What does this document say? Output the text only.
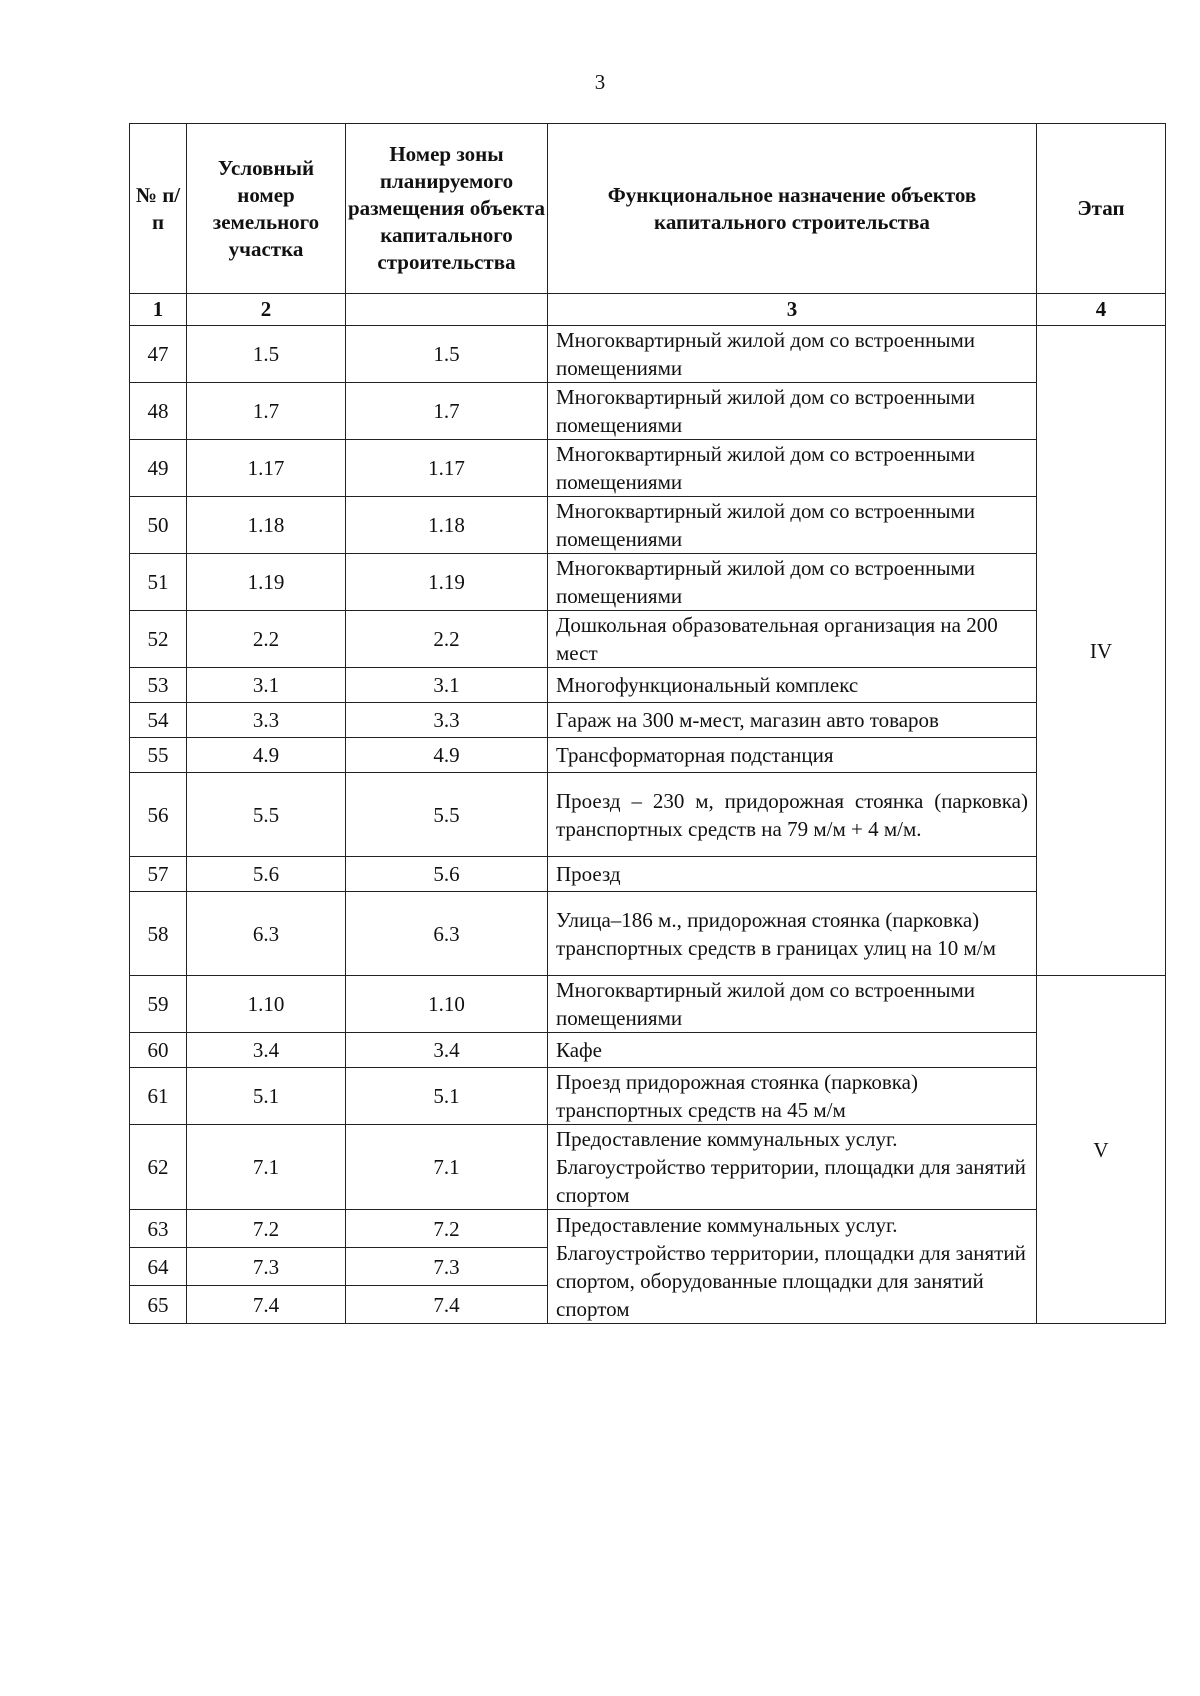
3
№ п/п	Условный номер земельного участка	Номер зоны планируемого размещения объекта капитального строительства	Функциональное назначение объектов капитального строительства	Этап
1	2		3	4
47	1.5	1.5	Многоквартирный жилой дом со встроенными помещениями	IV
48	1.7	1.7	Многоквартирный жилой дом со встроенными помещениями	
49	1.17	1.17	Многоквартирный жилой дом со встроенными помещениями	
50	1.18	1.18	Многоквартирный жилой дом со встроенными помещениями	
51	1.19	1.19	Многоквартирный жилой дом со встроенными помещениями	
52	2.2	2.2	Дошкольная образовательная организация на 200 мест	
53	3.1	3.1	Многофункциональный комплекс	
54	3.3	3.3	Гараж на 300 м-мест, магазин авто товаров	
55	4.9	4.9	Трансформаторная подстанция	
56	5.5	5.5	Проезд – 230 м, придорожная стоянка (парковка) транспортных средств на 79 м/м + 4 м/м.	
57	5.6	5.6	Проезд	
58	6.3	6.3	Улица–186 м., придорожная стоянка (парковка) транспортных средств в границах улиц на 10 м/м	
59	1.10	1.10	Многоквартирный жилой дом со встроенными помещениями	V
60	3.4	3.4	Кафе	
61	5.1	5.1	Проезд придорожная стоянка (парковка) транспортных средств на 45 м/м	
62	7.1	7.1	Предоставление коммунальных услуг. Благоустройство территории, площадки для занятий спортом	
63	7.2	7.2	Предоставление коммунальных услуг. Благоустройство территории, площадки для занятий спортом, оборудованные площадки для занятий спортом	
64	7.3	7.3		
65	7.4	7.4		
